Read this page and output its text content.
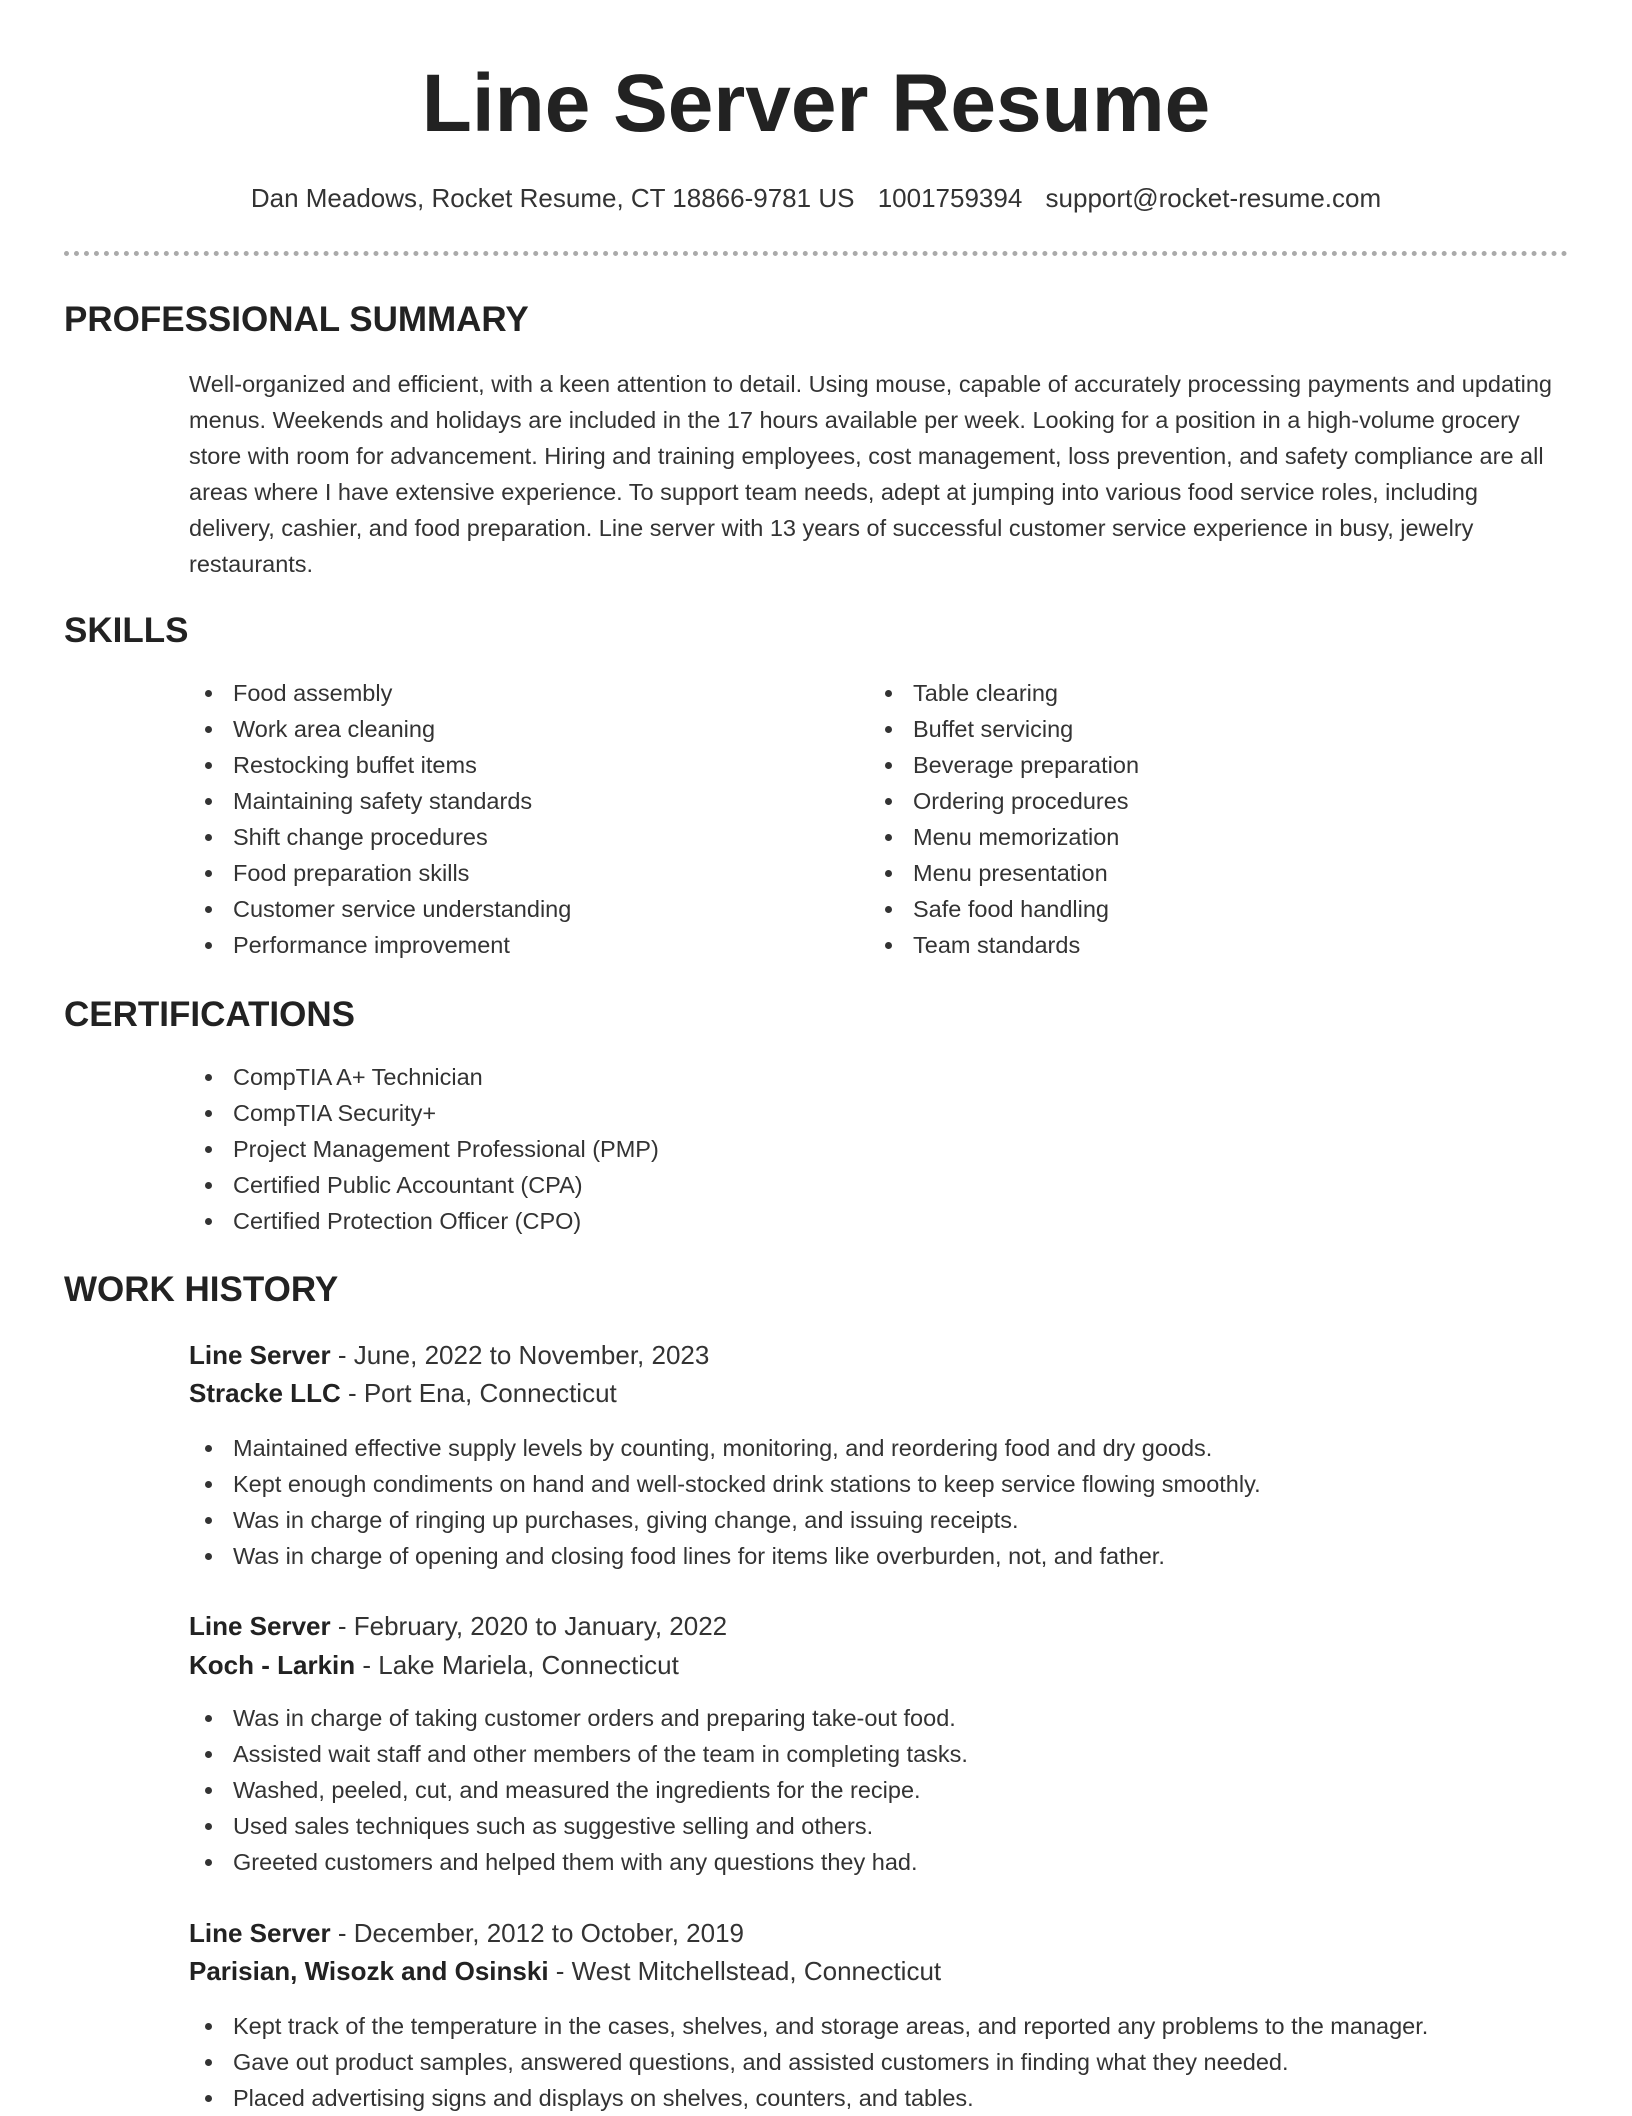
Line Server Resume
Dan Meadows, Rocket Resume, CT 18866-9781 US 1001759394 support@rocket-resume.com
PROFESSIONAL SUMMARY

Well-organized and efficient, with a keen attention to detail. Using mouse, capable of accurately processing payments and updating menus. Weekends and holidays are included in the 17 hours available per week. Looking for a position in a high-volume grocery store with room for advancement. Hiring and training employees, cost management, loss prevention, and safety compliance are all areas where I have extensive experience. To support team needs, adept at jumping into various food service roles, including delivery, cashier, and food preparation. Line server with 13 years of successful customer service experience in busy, jewelry restaurants.

SKILLS
Food assembly
Work area cleaning
Restocking buffet items
Maintaining safety standards
Shift change procedures
Food preparation skills
Customer service understanding
Performance improvement
Table clearing
Buffet servicing
Beverage preparation
Ordering procedures
Menu memorization
Menu presentation
Safe food handling
Team standards
CERTIFICATIONS
CompTIA A+ Technician
CompTIA Security+
Project Management Professional (PMP)
Certified Public Accountant (CPA)
Certified Protection Officer (CPO)
WORK HISTORY
Line Server - June, 2022 to November, 2023
Stracke LLC - Port Ena, Connecticut
Maintained effective supply levels by counting, monitoring, and reordering food and dry goods.
Kept enough condiments on hand and well-stocked drink stations to keep service flowing smoothly.
Was in charge of ringing up purchases, giving change, and issuing receipts.
Was in charge of opening and closing food lines for items like overburden, not, and father.
Line Server - February, 2020 to January, 2022
Koch - Larkin - Lake Mariela, Connecticut
Was in charge of taking customer orders and preparing take-out food.
Assisted wait staff and other members of the team in completing tasks.
Washed, peeled, cut, and measured the ingredients for the recipe.
Used sales techniques such as suggestive selling and others.
Greeted customers and helped them with any questions they had.
Line Server - December, 2012 to October, 2019
Parisian, Wisozk and Osinski - West Mitchellstead, Connecticut
Kept track of the temperature in the cases, shelves, and storage areas, and reported any problems to the manager.
Gave out product samples, answered questions, and assisted customers in finding what they needed.
Placed advertising signs and displays on shelves, counters, and tables.
